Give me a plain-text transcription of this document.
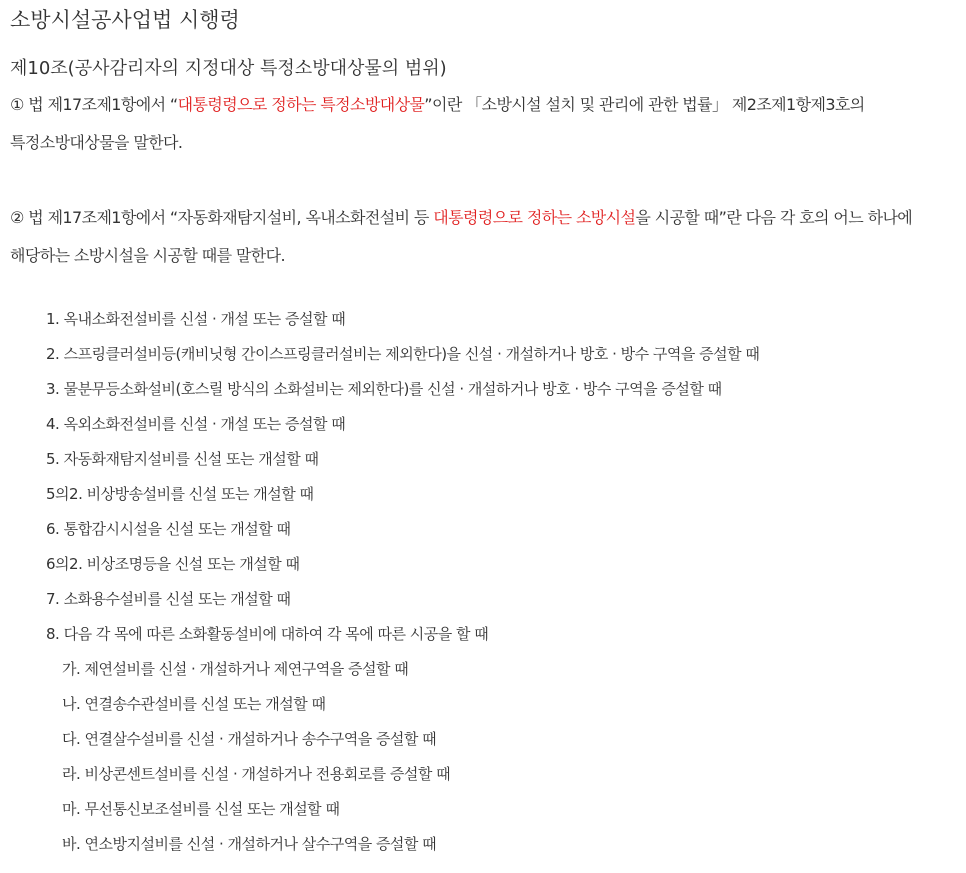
소방시설공사업법 시행령
제10조(공사감리자의 지정대상 특정소방대상물의 범위)

① 법 제17조제1항에서 “대통령령으로 정하는 특정소방대상물”이란 「소방시설 설치 및 관리에 관한 법률」 제2조제1항제3호의 특정소방대상물을 말한다.

② 법 제17조제1항에서 “자동화재탐지설비, 옥내소화전설비 등 대통령령으로 정하는 소방시설을 시공할 때”란 다음 각 호의 어느 하나에 해당하는 소방시설을 시공할 때를 말한다.

1. 옥내소화전설비를 신설 · 개설 또는 증설할 때
2. 스프링클러설비등(캐비닛형 간이스프링클러설비는 제외한다)을 신설 · 개설하거나 방호 · 방수 구역을 증설할 때
3. 물분무등소화설비(호스릴 방식의 소화설비는 제외한다)를 신설 · 개설하거나 방호 · 방수 구역을 증설할 때
4. 옥외소화전설비를 신설 · 개설 또는 증설할 때
5. 자동화재탐지설비를 신설 또는 개설할 때
5의2. 비상방송설비를 신설 또는 개설할 때
6. 통합감시시설을 신설 또는 개설할 때
6의2. 비상조명등을 신설 또는 개설할 때
7. 소화용수설비를 신설 또는 개설할 때
8. 다음 각 목에 따른 소화활동설비에 대하여 각 목에 따른 시공을 할 때
가. 제연설비를 신설 · 개설하거나 제연구역을 증설할 때
나. 연결송수관설비를 신설 또는 개설할 때
다. 연결살수설비를 신설 · 개설하거나 송수구역을 증설할 때
라. 비상콘센트설비를 신설 · 개설하거나 전용회로를 증설할 때
마. 무선통신보조설비를 신설 또는 개설할 때
바. 연소방지설비를 신설 · 개설하거나 살수구역을 증설할 때
